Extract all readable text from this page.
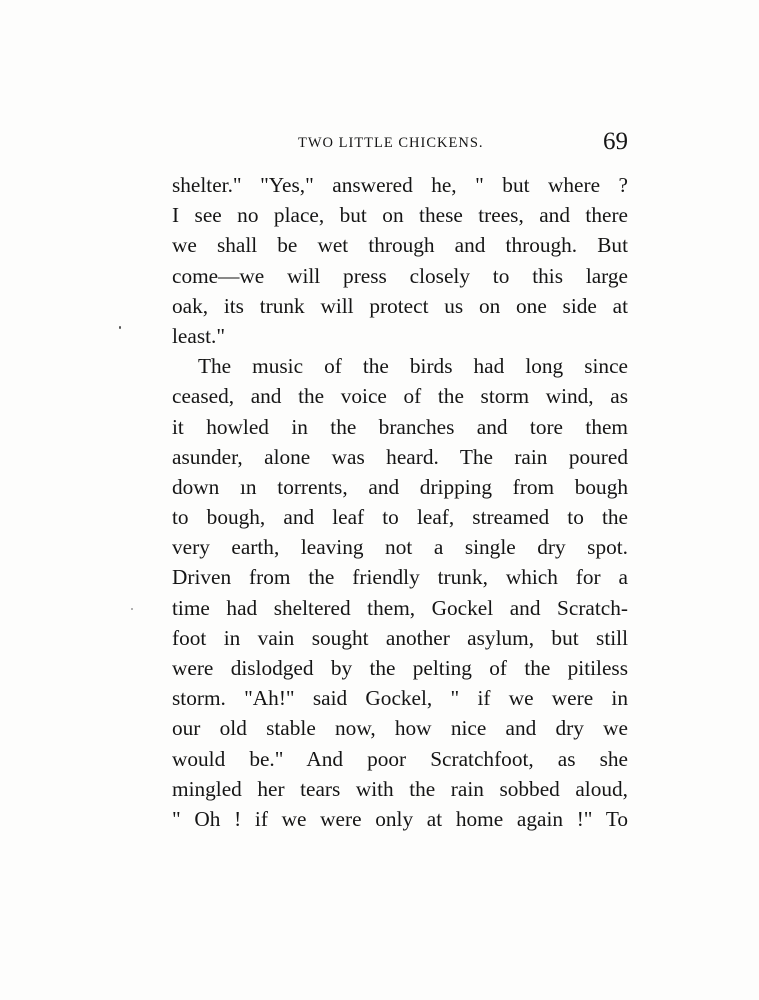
TWO LITTLE CHICKENS.	69
shelter." "Yes," answered he, " but where ?
I see no place, but on these trees, and there
we shall be wet through and through. But
come—we will press closely to this large
oak, its trunk will protect us on one side at
least."
The music of the birds had long since
ceased, and the voice of the storm wind, as
it howled in the branches and tore them
asunder, alone was heard. The rain poured
down ın torrents, and dripping from bough
to bough, and leaf to leaf, streamed to the
very earth, leaving not a single dry spot.
Driven from the friendly trunk, which for a
time had sheltered them, Gockel and Scratch-
foot in vain sought another asylum, but still
were dislodged by the pelting of the pitiless
storm. "Ah!" said Gockel, " if we were in
our old stable now, how nice and dry we
would be." And poor Scratchfoot, as she
mingled her tears with the rain sobbed aloud,
" Oh ! if we were only at home again !" To
